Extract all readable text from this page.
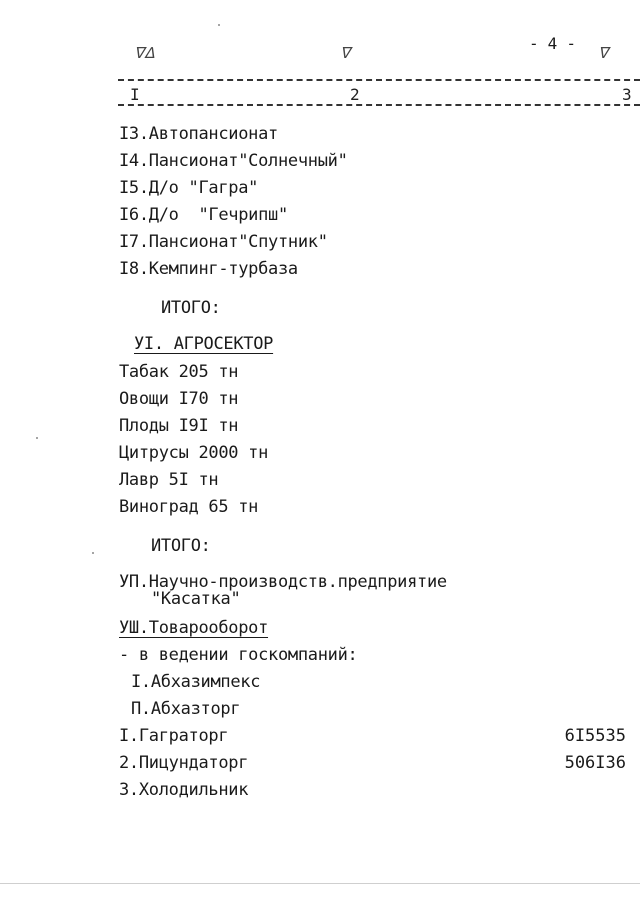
- 4 -
ᐁᐃ	ᐁ	ᐁ
I	2	3
I3.Автопансионат
I4.Пансионат"Солнечный"
I5.Д/о "Гагра"
I6.Д/о  "Гечрипш"
I7.Пансионат"Спутник"
I8.Кемпинг-турбаза
ИТОГО:
УI. АГРОСЕКТОР
Табак 205 тн
Овощи I70 тн
Плоды I9I тн
Цитрусы 2000 тн
Лавр 5I тн
Виноград 65 тн
ИТОГО:
УП.Научно-производств.предприятие
"Касатка"
УШ.Товарооборот
- в ведении госкомпаний:
I.Абхазимпекс
П.Абхазторг
I.Гаграторг	6I5535
2.Пицундаторг	506I36
3.Холодильник
